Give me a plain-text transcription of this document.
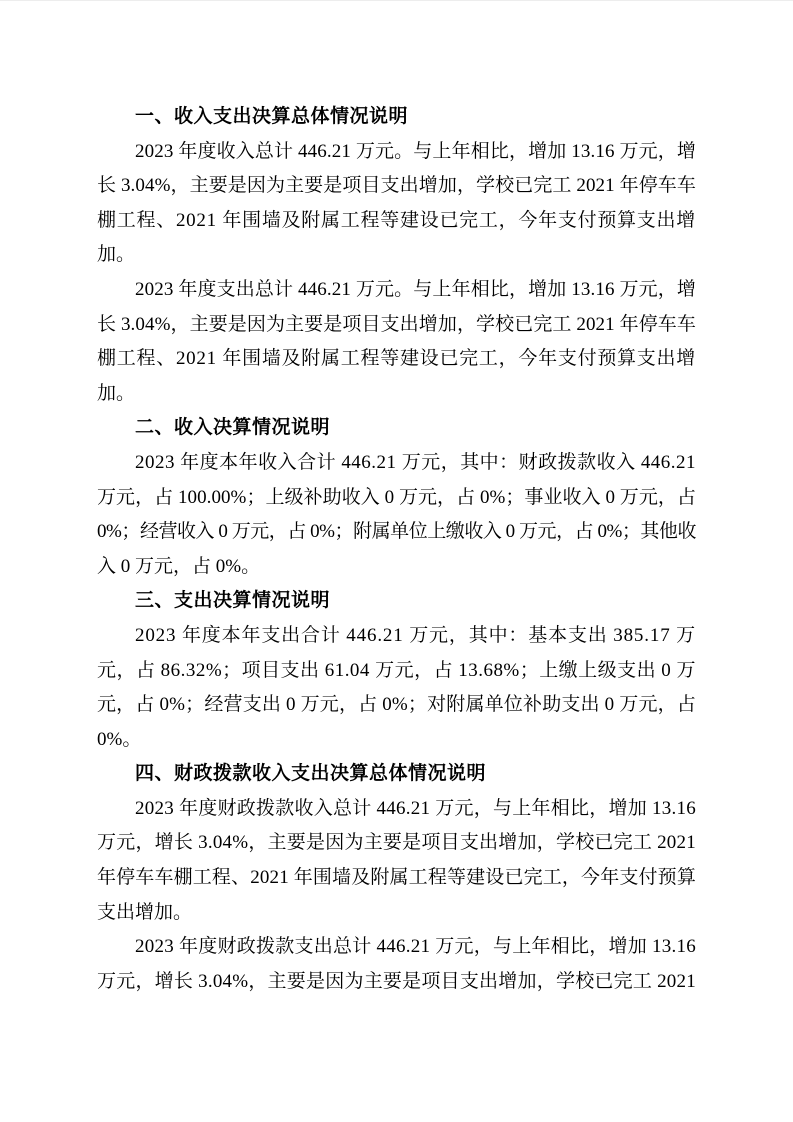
一、收入支出决算总体情况说明
2023 年度收入总计 446.21 万元。与上年相比，增加 13.16 万元，增
长 3.04%，主要是因为主要是项目支出增加，学校已完工 2021 年停车车
棚工程、2021 年围墙及附属工程等建设已完工，今年支付预算支出增
加。
2023 年度支出总计 446.21 万元。与上年相比，增加 13.16 万元，增
长 3.04%，主要是因为主要是项目支出增加，学校已完工 2021 年停车车
棚工程、2021 年围墙及附属工程等建设已完工，今年支付预算支出增
加。
二、收入决算情况说明
2023 年度本年收入合计 446.21 万元，其中：财政拨款收入 446.21
万元，占 100.00%；上级补助收入 0 万元，占 0%；事业收入 0 万元，占
0%；经营收入 0 万元，占 0%；附属单位上缴收入 0 万元，占 0%；其他收
入 0 万元，占 0%。
三、支出决算情况说明
2023 年度本年支出合计 446.21 万元，其中：基本支出 385.17 万
元，占 86.32%；项目支出 61.04 万元，占 13.68%；上缴上级支出 0 万
元，占 0%；经营支出 0 万元，占 0%；对附属单位补助支出 0 万元，占
0%。
四、财政拨款收入支出决算总体情况说明
2023 年度财政拨款收入总计 446.21 万元，与上年相比，增加 13.16
万元，增长 3.04%，主要是因为主要是项目支出增加，学校已完工 2021
年停车车棚工程、2021 年围墙及附属工程等建设已完工，今年支付预算
支出增加。
2023 年度财政拨款支出总计 446.21 万元，与上年相比，增加 13.16
万元，增长 3.04%，主要是因为主要是项目支出增加，学校已完工 2021
